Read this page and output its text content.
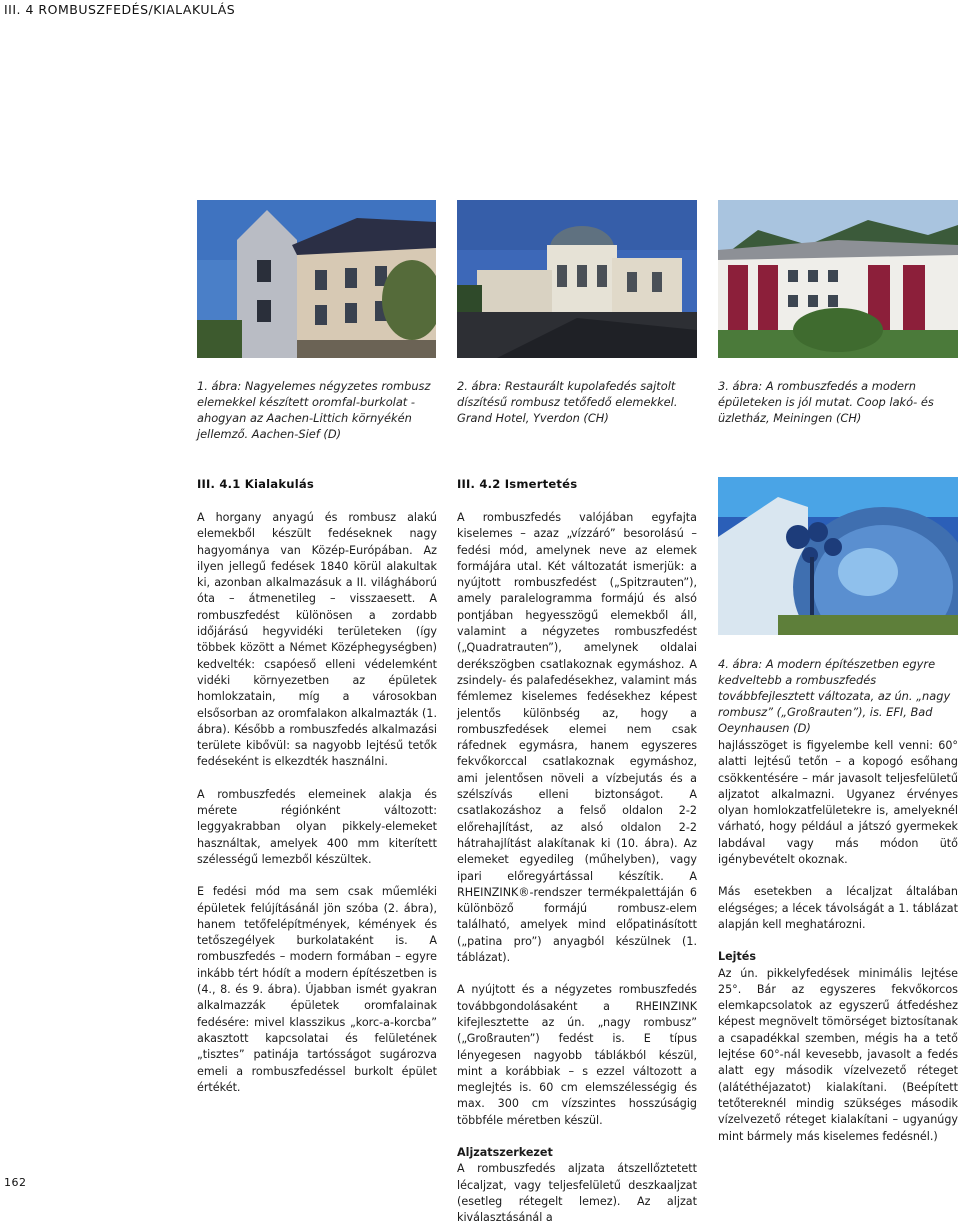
III. 4 ROMBUSZFEDÉS/KIALAKULÁS
1. ábra: Nagyelemes négyzetes rombusz elemekkel készített oromfal-burkolat - ahogyan az Aachen-Littich környékén jellemző. Aachen-Sief (D)
2. ábra: Restaurált kupolafedés sajtolt díszítésű rombusz tetőfedő elemekkel. Grand Hotel, Yverdon (CH)
3. ábra: A rombuszfedés a modern épületeken is jól mutat. Coop lakó- és üzletház, Meiningen (CH)
III. 4.1 Kialakulás	III. 4.2 Ismertetés

A horgany anyagú és rombusz alakú elemekből készült fedéseknek nagy hagyománya van Közép-Európában. Az ilyen jellegű fedések 1840 körül alakultak ki, azonban alkalmazásuk a II. világháború óta – átmenetileg – visszaesett. A rombuszfedést különösen a zordabb időjárású hegyvidéki területeken (így többek között a Német Középhegységben) kedvelték: csapóeső elleni védelemként vidéki környezetben az épületek homlokzatain, míg a városokban elsősorban az oromfalakon alkalmazták (1. ábra). Később a rombuszfedés alkalmazási területe kibővül: sa nagyobb lejtésű tetők fedéseként is elkezdték használni.

A rombuszfedés elemeinek alakja és mérete régiónként változott: leggyakrabban olyan pikkely-elemeket használtak, amelyek 400 mm kiterített szélességű lemezből készültek.

E fedési mód ma sem csak műemléki épületek felújításánál jön szóba (2. ábra), hanem tetőfelépítmények, kémények és tetőszegélyek burkolataként is. A rombuszfedés – modern formában – egyre inkább tért hódít a modern építészetben is (4., 8. és 9. ábra). Újabban ismét gyakran alkalmazzák épületek oromfalainak fedésére: mivel klasszikus „korc-a-korcba” akasztott kapcsolatai és felületének „tisztes” patinája tartósságot sugározva emeli a rombuszfedéssel burkolt épület értékét.

A rombuszfedés valójában egyfajta kiselemes – azaz „vízzáró” besorolású – fedési mód, amelynek neve az elemek formájára utal. Két változatát ismerjük: a nyújtott rombuszfedést („Spitzrauten”), amely paralelogramma formájú és alsó pontjában hegyesszögű elemekből áll, valamint a négyzetes rombuszfedést („Quadratrauten”), amelynek oldalai derékszögben csatlakoznak egymáshoz. A zsindely- és palafedésekhez, valamint más fémlemez kiselemes fedésekhez képest jelentős különbség az, hogy a rombuszfedések elemei nem csak ráfednek egymásra, hanem egyszeres fekvőkorccal csatlakoznak egymáshoz, ami jelentősen növeli a vízbejutás és a szélszívás elleni biztonságot. A csatlakozáshoz a felső oldalon 2-2 előrehajlítást, az alsó oldalon 2-2 hátrahajlítást alakítanak ki (10. ábra). Az elemeket egyedileg (műhelyben), vagy ipari előregyártással készítik. A RHEINZINK®-rendszer termékpalettáján 6 különböző formájú rombusz-elem található, amelyek mind előpatinásított („patina pro”) anyagból készülnek (1. táblázat).

A nyújtott és a négyzetes rombuszfedés továbbgondolásaként a RHEINZINK kifejlesztette az ún. „nagy rombusz” („Großrauten”) fedést is. E típus lényegesen nagyobb táblákból készül, mint a korábbiak – s ezzel változott a meglejtés is. 60 cm elemszélességig és max. 300 cm vízszintes hosszúságig többféle méretben készül.

Aljzatszerkezet
A rombuszfedés aljzata átszellőztetett lécaljzat, vagy teljesfelületű deszkaaljzat (esetleg rétegelt lemez). Az aljzat kiválasztásánál a
4. ábra: A modern építészetben egyre kedveltebb a rombuszfedés továbbfejlesztett változata, az ún. „nagy rombusz” („Großrauten”), is. EFI, Bad Oeynhausen (D)

hajlásszöget is figyelembe kell venni: 60° alatti lejtésű tetőn – a kopogó esőhang csökkentésére – már javasolt teljesfelületű aljzatot alkalmazni. Ugyanez érvényes olyan homlokzatfelületekre is, amelyeknél várható, hogy például a játszó gyermekek labdával vagy más módon ütő igénybevételt okoznak.

Más esetekben a lécaljzat általában elégséges; a lécek távolságát a 1. táblázat alapján kell meghatározni.

Lejtés
Az ún. pikkelyfedések minimális lejtése 25°. Bár az egyszeres fekvőkorcos elemkapcsolatok az egyszerű átfedéshez képest megnövelt tömörséget biztosítanak a csapadékkal szemben, mégis ha a tető lejtése 60°-nál kevesebb, javasolt a fedés alatt egy második vízelvezető réteget (alátéthéjazatot) kialakítani. (Beépített tetőtereknél mindig szükséges második vízelvezető réteget kialakítani – ugyanúgy mint bármely más kiselemes fedésnél.)
162
